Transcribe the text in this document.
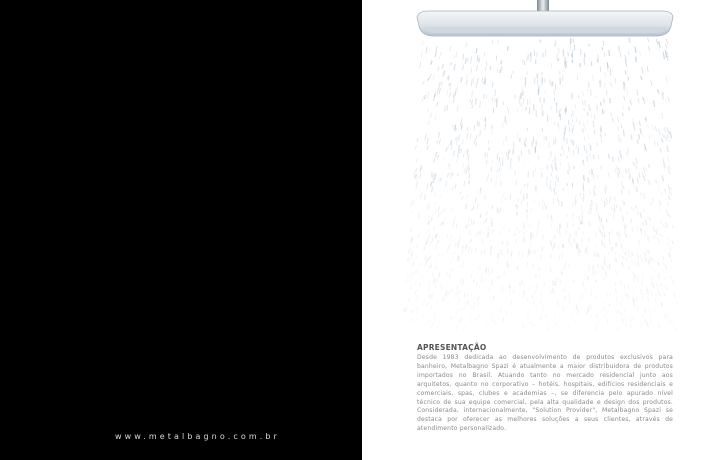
www.metalbagno.com.br
APRESENTAÇÃO

Desde 1983 dedicada ao desenvolvimento de produtos exclusivos para banheiro, Metalbagno Spazi é atualmente a maior distribuidora de produtos importados no Brasil. Atuando tanto no mercado residencial junto aos arquitetos, quanto no corporativo – hotéis, hospitais, edifícios residenciais e comerciais, spas, clubes e academias –, se diferencia pelo apurado nível técnico de sua equipe comercial, pela alta qualidade e design dos produtos. Considerada, internacionalmente, "Solution Provider", Metalbagno Spazi se destaca por oferecer as melhores soluções a seus clientes, através de atendimento personalizado.
